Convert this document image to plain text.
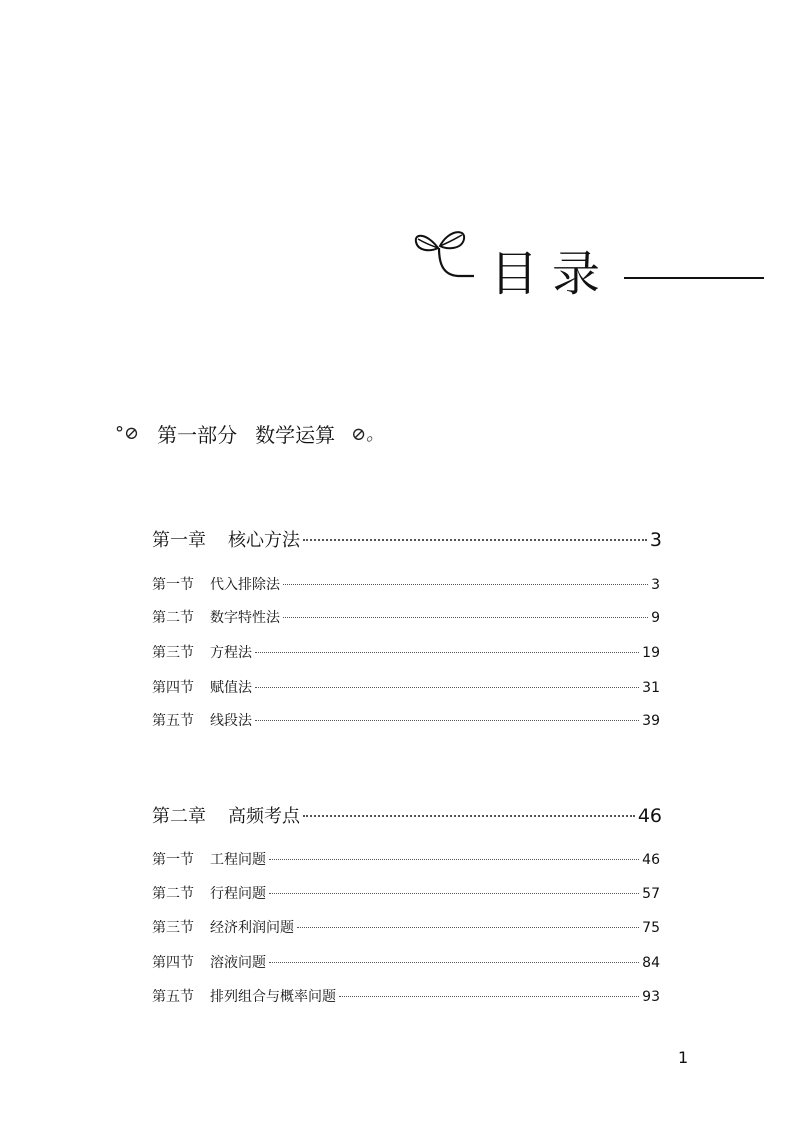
目录
°⊘ 第一部分 数学运算 ⊘。
第一章 核心方法	3
第一节 代入排除法	3
第二节 数字特性法	9
第三节 方程法	19
第四节 赋值法	31
第五节 线段法	39
第二章 高频考点	46
第一节 工程问题	46
第二节 行程问题	57
第三节 经济利润问题	75
第四节 溶液问题	84
第五节 排列组合与概率问题	93
1
